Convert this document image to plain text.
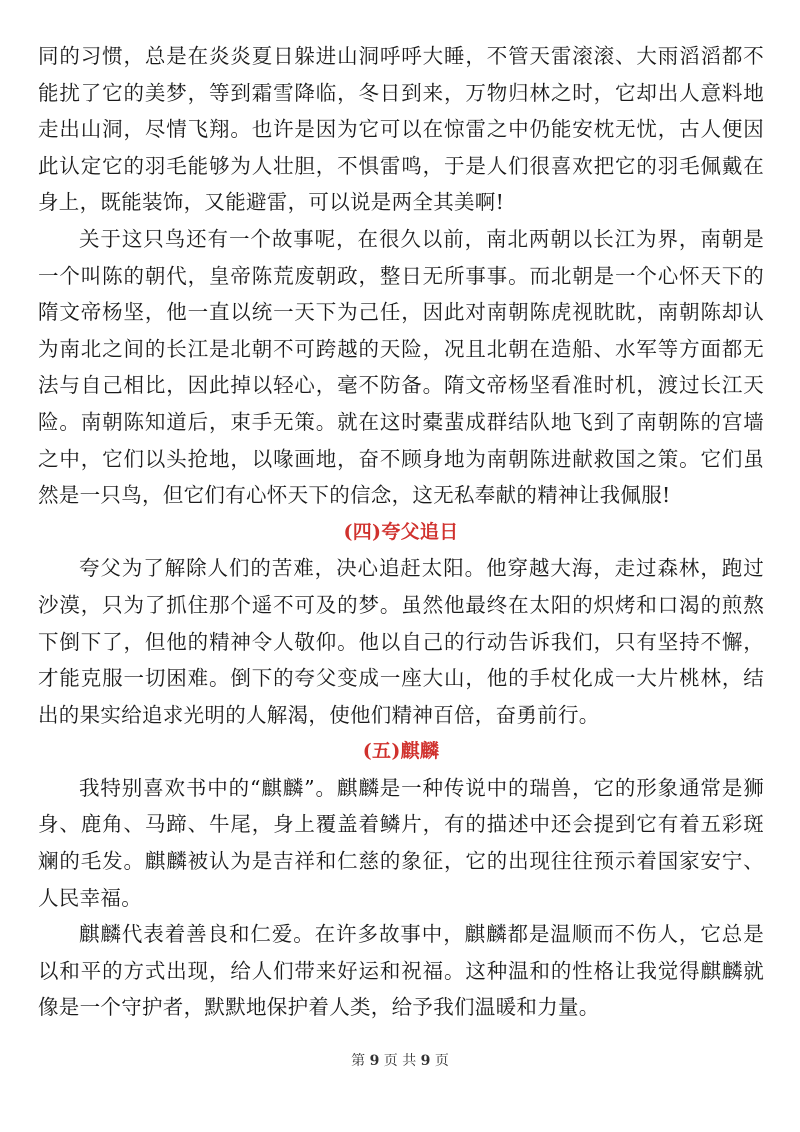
同的习惯，总是在炎炎夏日躲进山洞呼呼大睡，不管天雷滚滚、大雨滔滔都不能扰了它的美梦，等到霜雪降临，冬日到来，万物归林之时，它却出人意料地走出山洞，尽情飞翔。也许是因为它可以在惊雷之中仍能安枕无忧，古人便因此认定它的羽毛能够为人壮胆，不惧雷鸣，于是人们很喜欢把它的羽毛佩戴在身上，既能装饰，又能避雷，可以说是两全其美啊!

关于这只鸟还有一个故事呢，在很久以前，南北两朝以长江为界，南朝是一个叫陈的朝代，皇帝陈荒废朝政，整日无所事事。而北朝是一个心怀天下的隋文帝杨坚，他一直以统一天下为己任，因此对南朝陈虎视眈眈，南朝陈却认为南北之间的长江是北朝不可跨越的天险，况且北朝在造船、水军等方面都无法与自己相比，因此掉以轻心，毫不防备。隋文帝杨坚看准时机，渡过长江天险。南朝陈知道后，束手无策。就在这时橐蜚成群结队地飞到了南朝陈的宫墙之中，它们以头抢地，以喙画地，奋不顾身地为南朝陈进献救国之策。它们虽然是一只鸟，但它们有心怀天下的信念，这无私奉献的精神让我佩服!

(四)夸父追日

夸父为了解除人们的苦难，决心追赶太阳。他穿越大海，走过森林，跑过沙漠，只为了抓住那个遥不可及的梦。虽然他最终在太阳的炽烤和口渴的煎熬下倒下了，但他的精神令人敬仰。他以自己的行动告诉我们，只有坚持不懈，才能克服一切困难。倒下的夸父变成一座大山，他的手杖化成一大片桃林，结出的果实给追求光明的人解渴，使他们精神百倍，奋勇前行。

(五)麒麟

我特别喜欢书中的“麒麟”。麒麟是一种传说中的瑞兽，它的形象通常是狮身、鹿角、马蹄、牛尾，身上覆盖着鳞片，有的描述中还会提到它有着五彩斑斓的毛发。麒麟被认为是吉祥和仁慈的象征，它的出现往往预示着国家安宁、人民幸福。

麒麟代表着善良和仁爱。在许多故事中，麒麟都是温顺而不伤人，它总是以和平的方式出现，给人们带来好运和祝福。这种温和的性格让我觉得麒麟就像是一个守护者，默默地保护着人类，给予我们温暖和力量。

第 9 页 共 9 页
